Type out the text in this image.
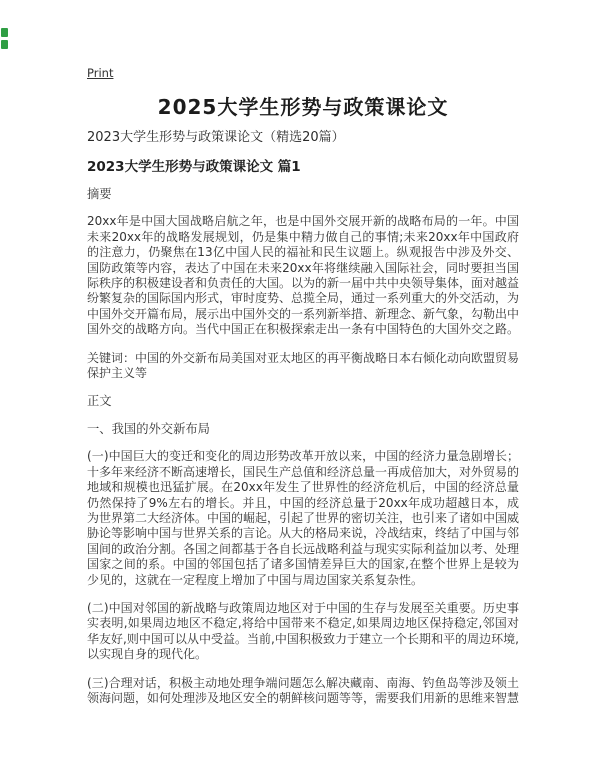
Print
2025大学生形势与政策课论文
2023大学生形势与政策课论文（精选20篇）
2023大学生形势与政策课论文 篇1
摘要

20xx年是中国大国战略启航之年，也是中国外交展开新的战略布局的一年。中国未来20xx年的战略发展规划，仍是集中精力做自己的事情;未来20xx年中国政府的注意力，仍聚焦在13亿中国人民的福祉和民生议题上。纵观报告中涉及外交、国防政策等内容，表达了中国在未来20xx年将继续融入国际社会，同时要担当国际秩序的积极建设者和负责任的大国。以为的新一届中共中央领导集体，面对越益纷繁复杂的国际国内形式，审时度势、总揽全局，通过一系列重大的外交活动，为中国外交开篇布局，展示出中国外交的一系列新举措、新理念、新气象，勾勒出中国外交的战略方向。当代中国正在积极探索走出一条有中国特色的大国外交之路。

关键词：中国的外交新布局美国对亚太地区的再平衡战略日本右倾化动向欧盟贸易保护主义等

正文
一、我国的外交新布局

(一)中国巨大的变迁和变化的周边形势改革开放以来，中国的经济力量急剧增长；十多年来经济不断高速增长，国民生产总值和经济总量一再成倍加大，对外贸易的地域和规模也迅猛扩展。在20xx年发生了世界性的经济危机后，中国的经济总量仍然保持了9%左右的增长。并且，中国的经济总量于20xx年成功超越日本，成为世界第二大经济体。中国的崛起，引起了世界的密切关注，也引来了诸如中国威胁论等影响中国与世界关系的言论。从大的格局来说，冷战结束，终结了中国与邻国间的政治分割。各国之间都基于各自长远战略利益与现实实际利益加以考、处理国家之间的系。中国的邻国包括了诸多国情差异巨大的国家,在整个世界上是较为少见的，这就在一定程度上增加了中国与周边国家关系复杂性。

(二)中国对邻国的新战略与政策周边地区对于中国的生存与发展至关重要。历史事实表明,如果周边地区不稳定,将给中国带来不稳定,如果周边地区保持稳定,邻国对华友好,则中国可以从中受益。当前,中国积极致力于建立一个长期和平的周边环境,以实现自身的现代化。

(三)合理对话，积极主动地处理争端问题怎么解决藏南、南海、钓鱼岛等涉及领土领海问题，如何处理涉及地区安全的朝鲜核问题等等，需要我们用新的思维来智慧
